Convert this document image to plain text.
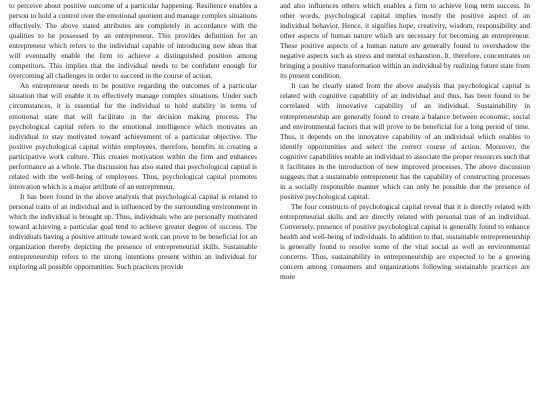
to perceive about positive outcome of a particular happening. Resilience enables a person to hold a control over the emotional quotient and manage complex situations effectively. The above stated attributes are completely in accordance with the qualities to be possessed by an entrepreneur. This provides definition for an entrepreneur which refers to the individual capable of introducing new ideas that will eventually enable the firm to achieve a distinguished position among competitors. This implies that the individual needs to be confident enough for overcoming all challenges in order to succeed in the course of action.

An entrepreneur needs to be positive regarding the outcomes of a particular situation that will enable it to effectively manage complex situations. Under such circumstances, it is essential for the individual to hold stability in terms of emotional state that will facilitate in the decision making process. The psychological capital refers to the emotional intelligence which motivates an individual to stay motivated toward achievement of a particular objective. The positive psychological capital within employees, therefore, benefits in creating a participative work culture. This creates motivation within the firm and enhances performance as a whole. The discussion has also stated that psychological capital is related with the well-being of employees. Thus, psychological capital promotes innovation which is a major attribute of an entrepreneur.

It has been found in the above analysis that psychological capital is related to personal traits of an individual and is influenced by the surrounding environment in which the individual is brought up. Thus, individuals who are personally motivated toward achieving a particular goal tend to achieve greater degree of success. The individuals having a positive attitude toward work can prove to be beneficial for an organization thereby depicting the presence of entrepreneurial skills. Sustainable entrepreneurship refers to the strong intentions present within an individual for exploring all possible opportunities. Such practices provide

and also influences others which enables a firm to achieve long term success. In other words, psychological capital implies mostly the positive aspect of an individual behavior. Hence, it signifies hope, creativity, wisdom, responsibility and other aspects of human nature which are necessary for becoming an entrepreneur. These positive aspects of a human nature are generally found to overshadow the negative aspects such as stress and mental exhaustion. It, therefore, concentrates on bringing a positive transformation within an individual by realizing future state from its present condition.

It can be clearly stated from the above analysis that psychological capital is related with cognitive capability of an individual and thus, has been found to be correlated with innovative capability of an individual. Sustainability in entrepreneurship are generally found to create a balance between economic, social and environmental factors that will prove to be beneficial for a long period of time. Thus, it depends on the innovative capability of an individual which enables to identify opportunities and select the correct course of action. Moreover, the cognitive capabilities enable an individual to associate the proper resources such that it facilitates in the introduction of new improved processes. The above discussion suggests that a sustainable entrepreneur has the capability of constructing processes in a socially responsible manner which can only be possible due the presence of positive psychological capital.

The four constructs of psychological capital reveal that it is directly related with entrepreneurial skills and are directly related with personal trait of an individual. Conversely, presence of positive psychological capital is generally found to enhance health and well-being of individuals. In addition to that, sustainable entrepreneurship is generally found to resolve some of the vital social as well as environmental concerns. Thus, sustainability in entrepreneurship are expected to be a growing concern among consumers and organizations following sustainable practices are more
